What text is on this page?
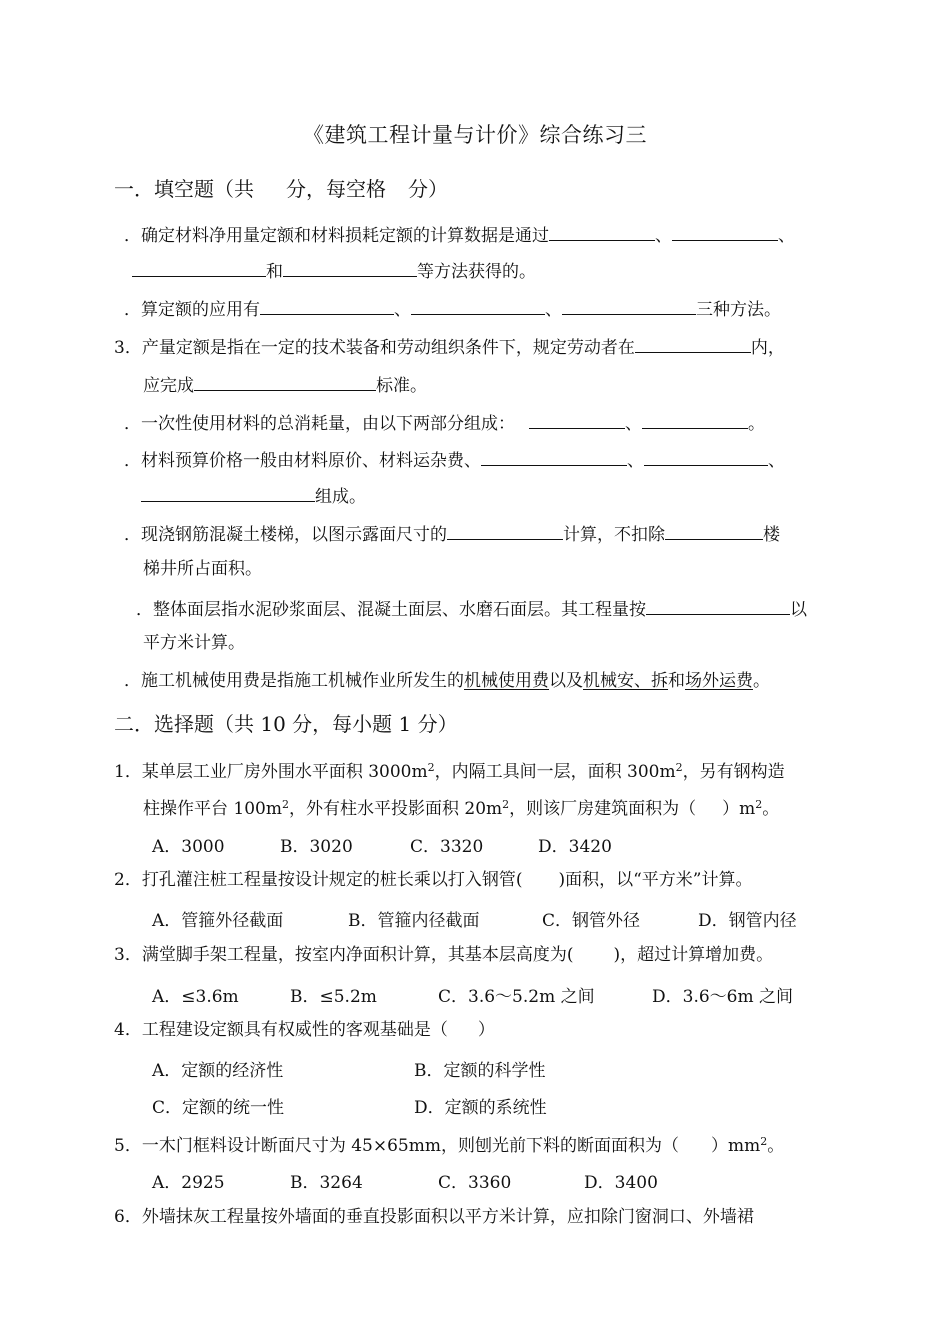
《建筑工程计量与计价》综合练习三
一．填空题（共 分，每空格 分）
．确定材料净用量定额和材料损耗定额的计算数据是通过	、	、
和	等方法获得的。
．算定额的应用有	、	、	三种方法。
3．产量定额是指在一定的技术装备和劳动组织条件下，规定劳动者在	内，
应完成	标准。
．一次性使用材料的总消耗量，由以下两部分组成：	、	。
．材料预算价格一般由材料原价、材料运杂费、	、	、
组成。
．现浇钢筋混凝土楼梯，以图示露面尺寸的	计算，不扣除	楼
梯井所占面积。
．整体面层指水泥砂浆面层、混凝土面层、水磨石面层。其工程量按	以
平方米计算。
．施工机械使用费是指施工机械作业所发生的机械使用费以及机械安、拆和场外运费。
二．选择题（共 10 分，每小题 1 分）
1．某单层工业厂房外围水平面积 $3000m^2$，内隔工具间一层，面积 $300m^2$，另有钢构造
柱操作平台 $100m^2$，外有柱水平投影面积 $20m^2$，则该厂房建筑面积为（ ）$m^2$。
A．3000	B．3020	C．3320	D．3420
2．打孔灌注桩工程量按设计规定的桩长乘以打入钢管( )面积，以“平方米”计算。
A．管箍外径截面	B．管箍内径截面	C．钢管外径	D．钢管内径
3．满堂脚手架工程量，按室内净面积计算，其基本层高度为( )，超过计算增加费。
A．≤3.6m	B．≤5.2m	C．3.6～5.2m 之间	D．3.6～6m 之间
4．工程建设定额具有权威性的客观基础是（ ）
A．定额的经济性	B．定额的科学性
C．定额的统一性	D．定额的系统性
5．一木门框料设计断面尺寸为 45×65mm，则刨光前下料的断面面积为（ ）$mm^2$。
A．2925	B．3264	C．3360	D．3400
6．外墙抹灰工程量按外墙面的垂直投影面积以平方米计算，应扣除门窗洞口、外墙裙
